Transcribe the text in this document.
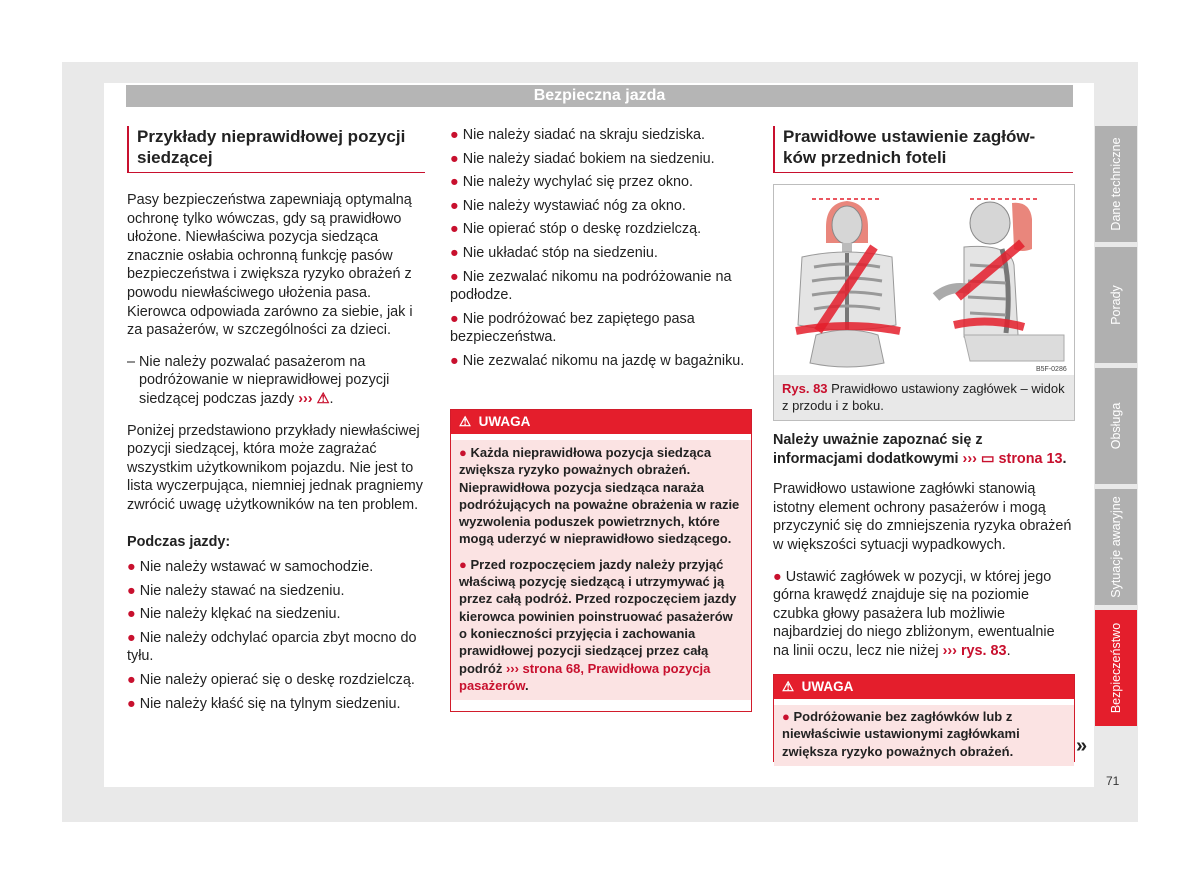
Bezpieczna jazda
Przykłady nieprawidłowej pozycji
siedzącej

Pasy bezpieczeństwa zapewniają optymalną ochronę tylko wówczas, gdy są prawidłowo ułożone. Niewłaściwa pozycja siedząca znacznie osłabia ochronną funkcję pasów bezpieczeństwa i zwiększa ryzyko obrażeń z powodu niewłaściwego ułożenia pasa. Kierowca odpowiada zarówno za siebie, jak i za pasażerów, w szczególności za dzieci.

– Nie należy pozwalać pasażerom na podróżowanie w nieprawidłowej pozycji siedzącej podczas jazdy ››› ⚠.

Poniżej przedstawiono przykłady niewłaściwej pozycji siedzącej, która może zagrażać wszystkim użytkownikom pojazdu. Nie jest to lista wyczerpująca, niemniej jednak pragniemy zwrócić uwagę użytkowników na ten problem.

Podczas jazdy:

● Nie należy wstawać w samochodzie.

● Nie należy stawać na siedzeniu.

● Nie należy klękać na siedzeniu.

● Nie należy odchylać oparcia zbyt mocno do tyłu.

● Nie należy opierać się o deskę rozdzielczą.

● Nie należy kłaść się na tylnym siedzeniu.

● Nie należy siadać na skraju siedziska.

● Nie należy siadać bokiem na siedzeniu.

● Nie należy wychylać się przez okno.

● Nie należy wystawiać nóg za okno.

● Nie opierać stóp o deskę rozdzielczą.

● Nie układać stóp na siedzeniu.

● Nie zezwalać nikomu na podróżowanie na podłodze.

● Nie podróżować bez zapiętego pasa bezpieczeństwa.

● Nie zezwalać nikomu na jazdę w bagażniku.

⚠ UWAGA

● Każda nieprawidłowa pozycja siedząca zwiększa ryzyko poważnych obrażeń. Nieprawidłowa pozycja siedząca naraża podróżujących na poważne obrażenia w razie wyzwolenia poduszek powietrznych, które mogą uderzyć w nieprawidłowo siedzącego.

● Przed rozpoczęciem jazdy należy przyjąć właściwą pozycję siedzącą i utrzymywać ją przez całą podróż. Przed rozpoczęciem jazdy kierowca powinien poinstruować pasażerów o konieczności przyjęcia i zachowania prawidłowej pozycji siedzącej przez całą podróż ››› strona 68, Prawidłowa pozycja pasażerów.

Prawidłowe ustawienie zagłów-
ków przednich foteli
B5F-0286
Rys. 83 Prawidłowo ustawiony zagłówek – widok z przodu i z boku.

Należy uważnie zapoznać się z informacjami dodatkowymi ››› ▭ strona 13.

Prawidłowo ustawione zagłówki stanowią istotny element ochrony pasażerów i mogą przyczynić się do zmniejszenia ryzyka obrażeń w większości sytuacji wypadkowych.

● Ustawić zagłówek w pozycji, w której jego górna krawędź znajduje się na poziomie czubka głowy pasażera lub możliwie najbardziej do niego zbliżonym, ewentualnie na linii oczu, lecz nie niżej ››› rys. 83.

⚠ UWAGA

● Podróżowanie bez zagłówków lub z niewłaściwie ustawionymi zagłówkami zwiększa ryzyko poważnych obrażeń.	»
Dane techniczne
Porady
Obsługa
Sytuacje awaryjne
Bezpieczeństwo
71
